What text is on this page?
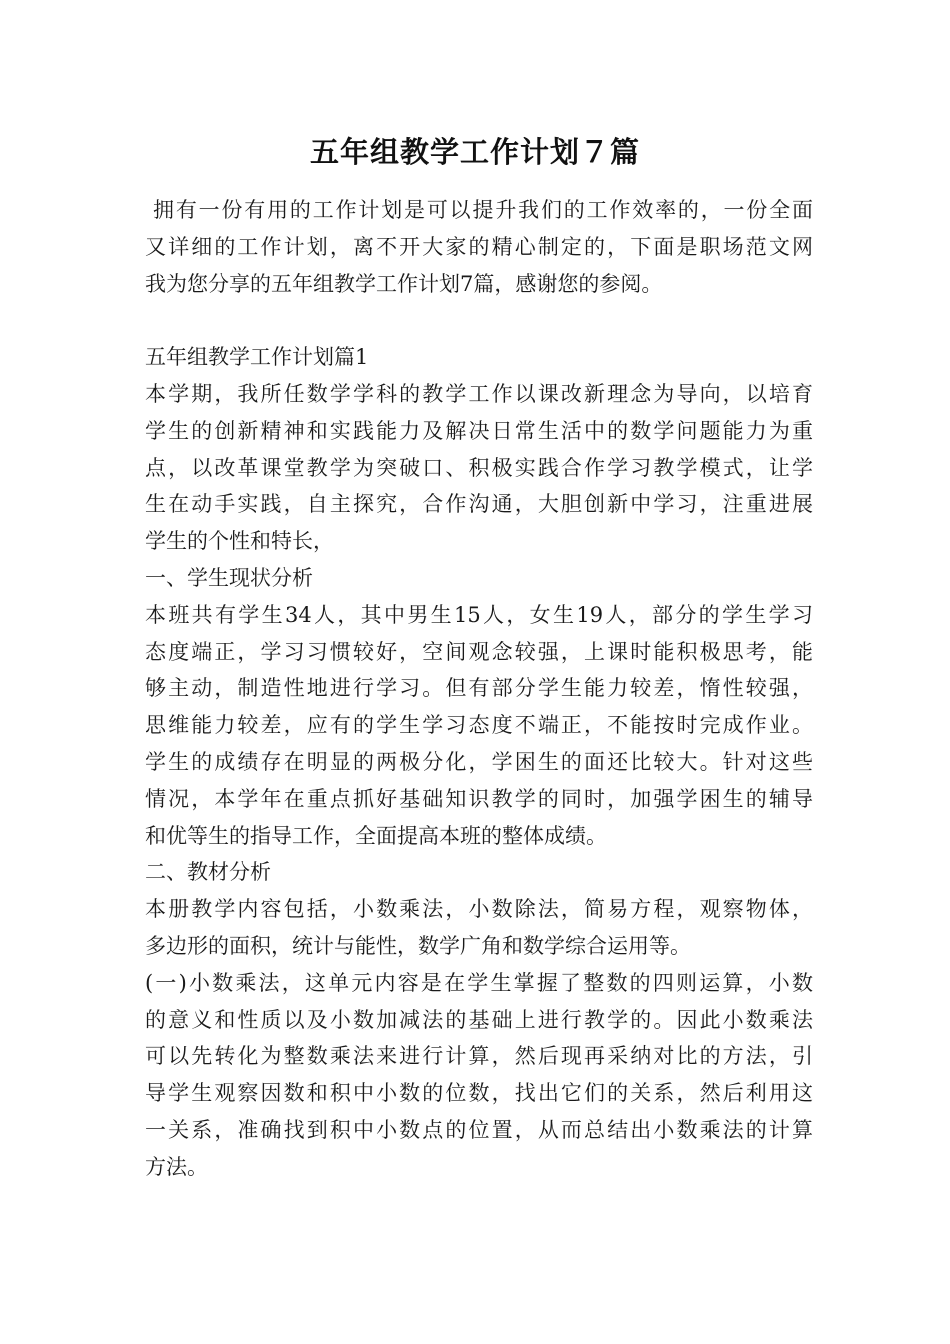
五年组教学工作计划７篇
拥有一份有用的工作计划是可以提升我们的工作效率的，一份全面
又详细的工作计划，离不开大家的精心制定的，下面是职场范文网
我为您分享的五年组教学工作计划7篇，感谢您的参阅。
五年组教学工作计划篇1
本学期，我所任数学学科的教学工作以课改新理念为导向，以培育
学生的创新精神和实践能力及解决日常生活中的数学问题能力为重
点，以改革课堂教学为突破口、积极实践合作学习教学模式，让学
生在动手实践，自主探究，合作沟通，大胆创新中学习，注重进展
学生的个性和特长，
一、学生现状分析
本班共有学生34人，其中男生15人，女生19人，部分的学生学习
态度端正，学习习惯较好，空间观念较强，上课时能积极思考，能
够主动，制造性地进行学习。但有部分学生能力较差，惰性较强，
思维能力较差，应有的学生学习态度不端正，不能按时完成作业。
学生的成绩存在明显的两极分化，学困生的面还比较大。针对这些
情况，本学年在重点抓好基础知识教学的同时，加强学困生的辅导
和优等生的指导工作，全面提高本班的整体成绩。
二、教材分析
本册教学内容包括，小数乘法，小数除法，简易方程，观察物体，
多边形的面积，统计与能性，数学广角和数学综合运用等。
(一)小数乘法，这单元内容是在学生掌握了整数的四则运算，小数
的意义和性质以及小数加减法的基础上进行教学的。因此小数乘法
可以先转化为整数乘法来进行计算，然后现再采纳对比的方法，引
导学生观察因数和积中小数的位数，找出它们的关系，然后利用这
一关系，准确找到积中小数点的位置，从而总结出小数乘法的计算
方法。
